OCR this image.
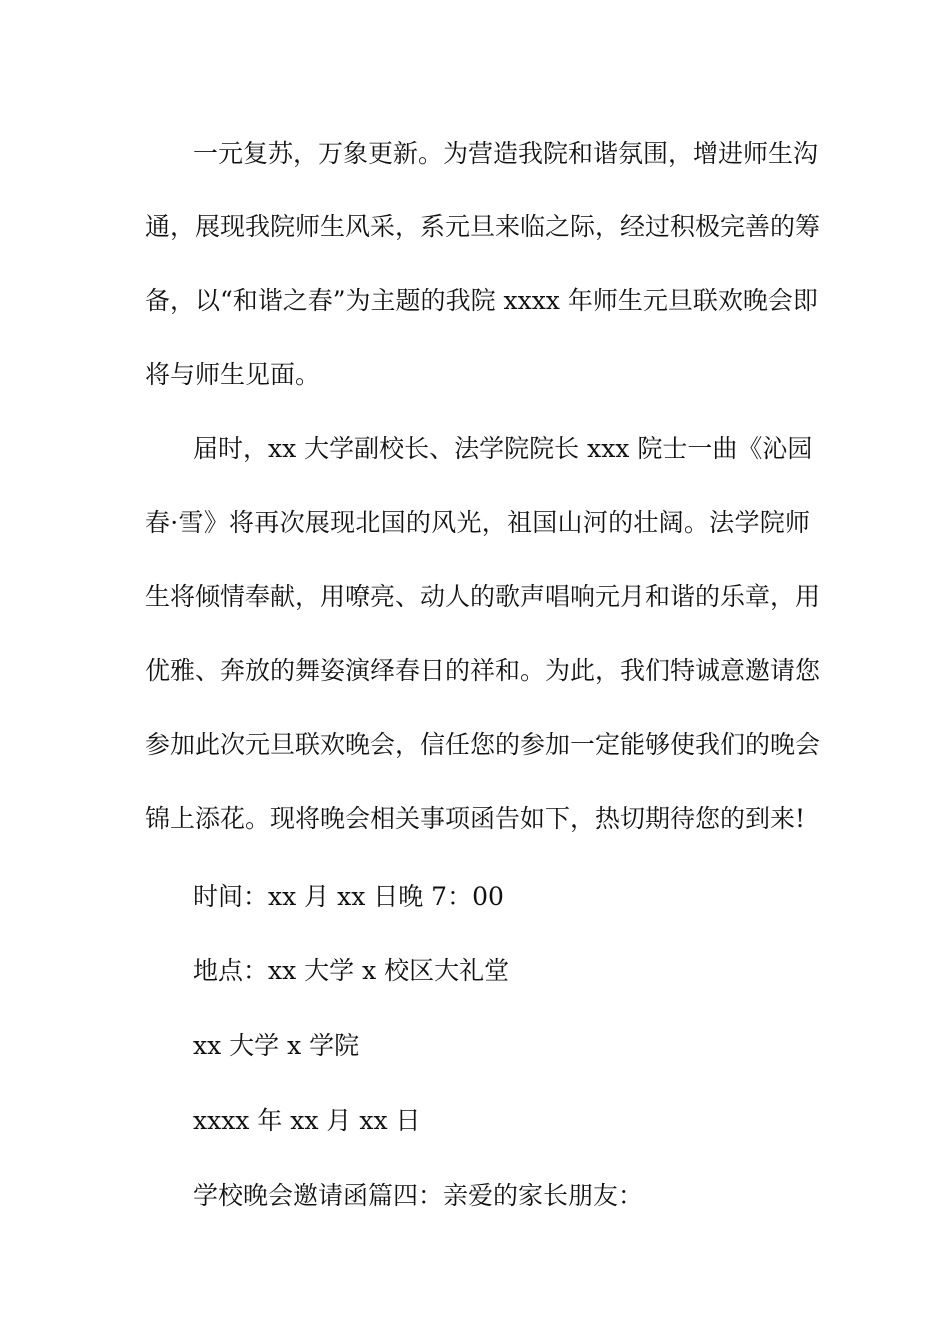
一元复苏，万象更新。为营造我院和谐氛围，增进师生沟
通，展现我院师生风采，系元旦来临之际，经过积极完善的筹
备，以“和谐之春”为主题的我院 xxxx 年师生元旦联欢晚会即
将与师生见面。
届时，xx 大学副校长、法学院院长 xxx 院士一曲《沁园
春·雪》将再次展现北国的风光，祖国山河的壮阔。法学院师
生将倾情奉献，用嘹亮、动人的歌声唱响元月和谐的乐章，用
优雅、奔放的舞姿演绎春日的祥和。为此，我们特诚意邀请您
参加此次元旦联欢晚会，信任您的参加一定能够使我们的晚会
锦上添花。现将晚会相关事项函告如下，热切期待您的到来!
时间：xx 月 xx 日晚 7：00
地点：xx 大学 x 校区大礼堂
xx 大学 x 学院
xxxx 年 xx 月 xx 日
学校晚会邀请函篇四：亲爱的家长朋友：
